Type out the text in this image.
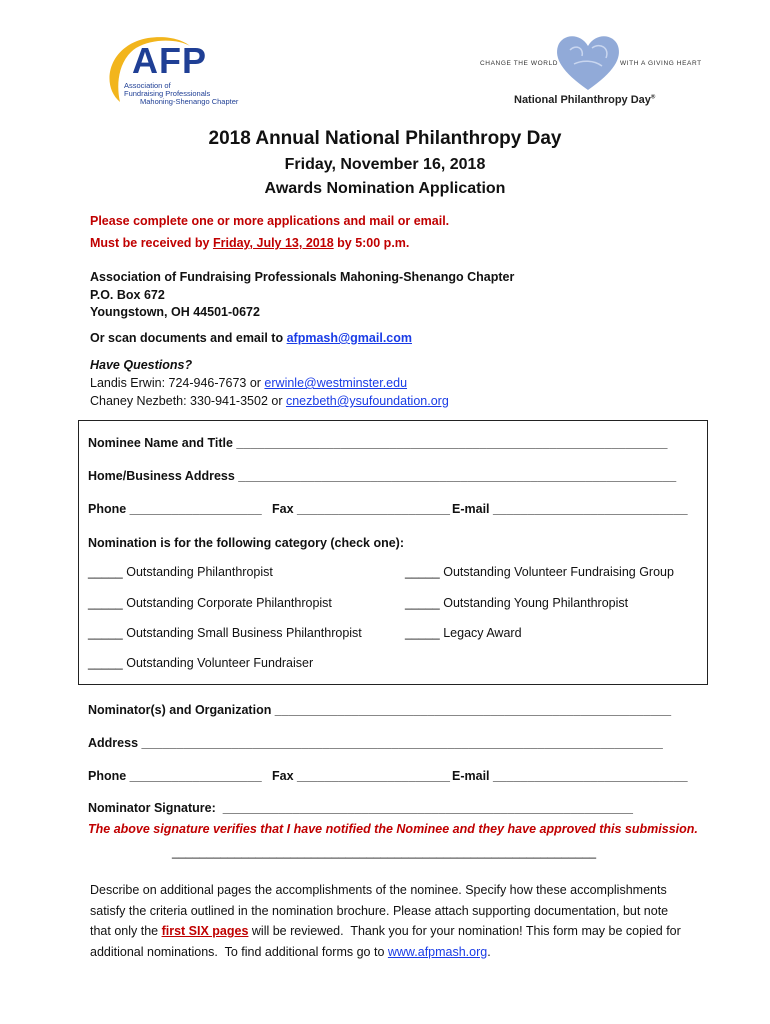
AFP
Association of
Fundraising Professionals
Mahoning-Shenango Chapter
CHANGE THE WORLD	WITH A GIVING HEART
National Philanthropy Day®
2018 Annual National Philanthropy Day
Friday, November 16, 2018
Awards Nomination Application
Please complete one or more applications and mail or email.
Must be received by Friday, July 13, 2018 by 5:00 p.m.
Association of Fundraising Professionals Mahoning-Shenango Chapter
P.O. Box 672
Youngstown, OH 44501-0672
Or scan documents and email to afpmash@gmail.com
Have Questions?
Landis Erwin: 724-946-7673 or erwinle@westminster.edu
Chaney Nezbeth: 330-941-3502 or cnezbeth@ysufoundation.org
Nominee Name and Title ______________________________________________________________
Home/Business Address _______________________________________________________________
Phone ___________________ Fax ______________________ E-mail ____________________________
Nomination is for the following category (check one):
_____ Outstanding Philanthropist
_____ Outstanding Corporate Philanthropist
_____ Outstanding Small Business Philanthropist
_____ Outstanding Volunteer Fundraiser
_____ Outstanding Volunteer Fundraising Group
_____ Outstanding Young Philanthropist
_____ Legacy Award
Nominator(s) and Organization _________________________________________________________
Address ___________________________________________________________________________
Phone ___________________ Fax ______________________ E-mail ____________________________
Nominator Signature:  ___________________________________________________________
The above signature verifies that I have notified the Nominee and they have approved this submission.
_____________________________________________________________
Describe on additional pages the accomplishments of the nominee. Specify how these accomplishments
satisfy the criteria outlined in the nomination brochure. Please attach supporting documentation, but note
that only the first SIX pages will be reviewed.  Thank you for your nomination! This form may be copied for
additional nominations.  To find additional forms go to www.afpmash.org.
